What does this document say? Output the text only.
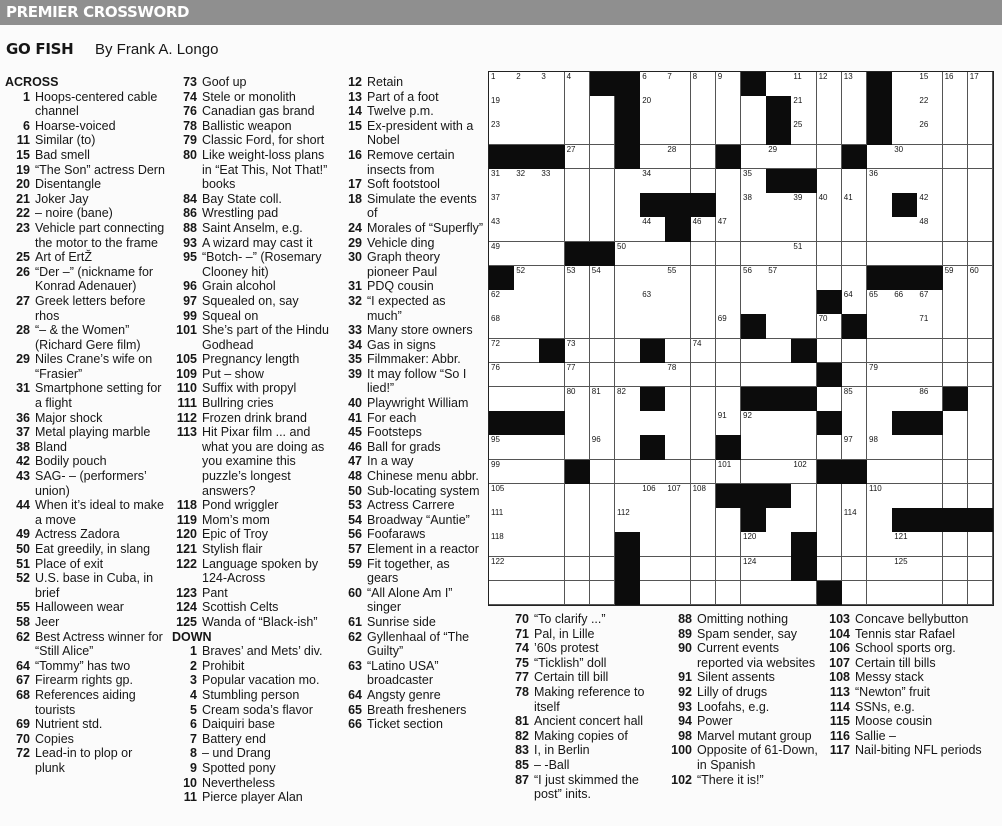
PREMIER CROSSWORD
GO FISH By Frank A. Longo
ACROSS
1 Hoops-centered cable channel
6 Hoarse-voiced
11 Similar (to)
15 Bad smell
19 “The Son” actress Dern
20 Disentangle
21 Joker Jay
22 – noire (bane)
23 Vehicle part connecting the motor to the frame
25 Art of ErtŽ
26 “Der –” (nickname for Konrad Adenauer)
27 Greek letters before rhos
28 “– & the Women” (Richard Gere film)
29 Niles Crane’s wife on “Frasier”
31 Smartphone setting for a flight
36 Major shock
37 Metal playing marble
38 Bland
42 Bodily pouch
43 SAG- – (performers’ union)
44 When it’s ideal to make a move
49 Actress Zadora
50 Eat greedily, in slang
51 Place of exit
52 U.S. base in Cuba, in brief
55 Halloween wear
58 Jeer
62 Best Actress winner for “Still Alice”
64 “Tommy” has two
67 Firearm rights gp.
68 References aiding tourists
69 Nutrient std.
70 Copies
72 Lead-in to plop or plunk
73 Goof up
74 Stele or monolith
76 Canadian gas brand
78 Ballistic weapon
79 Classic Ford, for short
80 Like weight-loss plans in “Eat This, Not That!” books
84 Bay State coll.
86 Wrestling pad
88 Saint Anselm, e.g.
93 A wizard may cast it
95 “Botch- –” (Rosemary Clooney hit)
96 Grain alcohol
97 Squealed on, say
99 Squeal on
101 She’s part of the Hindu Godhead
105 Pregnancy length
109 Put – show
110 Suffix with propyl
111 Bullring cries
112 Frozen drink brand
113 Hit Pixar film ... and what you are doing as you examine this puzzle’s longest answers?
118 Pond wriggler
119 Mom’s mom
120 Epic of Troy
121 Stylish flair
122 Language spoken by 124-Across
123 Pant
124 Scottish Celts
125 Wanda of “Black-ish”
DOWN
1 Braves’ and Mets’ div.
2 Prohibit
3 Popular vacation mo.
4 Stumbling person
5 Cream soda’s flavor
6 Daiquiri base
7 Battery end
8 – und Drang
9 Spotted pony
10 Nevertheless
11 Pierce player Alan
12 Retain
13 Part of a foot
14 Twelve p.m.
15 Ex-president with a Nobel
16 Remove certain insects from
17 Soft footstool
18 Simulate the events of
24 Morales of “Superfly”
29 Vehicle ding
30 Graph theory pioneer Paul
31 PDQ cousin
32 “I expected as much”
33 Many store owners
34 Gas in signs
35 Filmmaker: Abbr.
39 It may follow “So I lied!”
40 Playwright William
41 For each
45 Footsteps
46 Ball for grads
47 In a way
48 Chinese menu abbr.
50 Sub-locating system
53 Actress Carrere
54 Broadway “Auntie”
56 Foofaraws
57 Element in a reactor
59 Fit together, as gears
60 “All Alone Am I” singer
61 Sunrise side
62 Gyllenhaal of “The Guilty”
63 “Latino USA” broadcaster
64 Angsty genre
65 Breath fresheners
66 Ticket section
70 “To clarify ...”
71 Pal, in Lille
74 ’60s protest
75 “Ticklish” doll
77 Certain till bill
78 Making reference to itself
81 Ancient concert hall
82 Making copies of
83 I, in Berlin
85 – -Ball
87 “I just skimmed the post” inits.
88 Omitting nothing
89 Spam sender, say
90 Current events reported via websites
91 Silent assents
92 Lilly of drugs
93 Loofahs, e.g.
94 Power
98 Marvel mutant group
100 Opposite of 61-Down, in Spanish
102 “There it is!”
103 Concave bellybutton
104 Tennis star Rafael
106 School sports org.
107 Certain till bills
108 Messy stack
113 “Newton” fruit
114 SSNs, e.g.
115 Moose cousin
116 Sallie –
117 Nail-biting NFL periods
1	2	3	4	6	7	8	9	11 12 13	15 16 17
19	20	21	22
23	25	26
27	28	29	30
31 32 33	34	35	36
37	38	39 40 41	42
43	44	46 47	48
49	50	51
52	53 54	55	56 57	59 60
62	63	64 65 66 67
68	69	70	71
72	73	74
76	77	78	79
80 81 82	85	86
91 92
95	96	97 98
99	101	102
105	106 107 108	110
111	112	114
118	120	121
122	124	125
